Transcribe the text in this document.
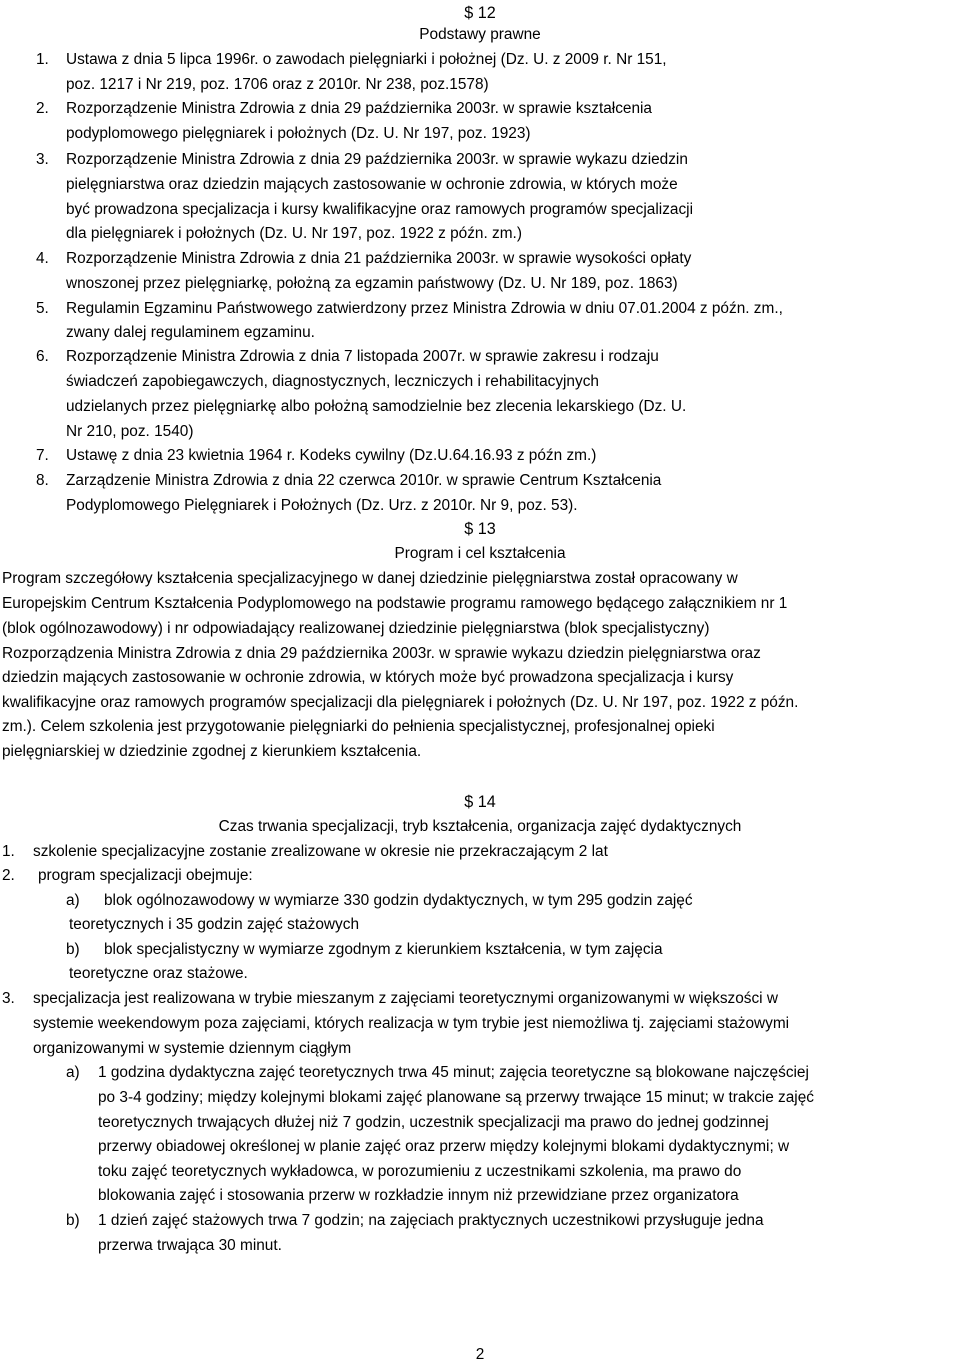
$ 12
Podstawy prawne
1. Ustawa z dnia 5 lipca 1996r. o zawodach pielęgniarki i położnej (Dz. U. z 2009 r. Nr 151,
poz. 1217 i Nr 219, poz. 1706 oraz z 2010r. Nr 238, poz.1578)
2. Rozporządzenie Ministra Zdrowia z dnia 29 października 2003r. w sprawie kształcenia
podyplomowego pielęgniarek i położnych (Dz. U. Nr 197, poz. 1923)
3. Rozporządzenie Ministra Zdrowia z dnia 29 października 2003r. w sprawie wykazu dziedzin
pielęgniarstwa oraz dziedzin mających zastosowanie w ochronie zdrowia, w których może
być prowadzona specjalizacja i kursy kwalifikacyjne oraz ramowych programów specjalizacji
dla pielęgniarek i położnych (Dz. U. Nr 197, poz. 1922 z późn. zm.)
4. Rozporządzenie Ministra Zdrowia z dnia 21 października 2003r. w sprawie wysokości opłaty
wnoszonej przez pielęgniarkę, położną za egzamin państwowy (Dz. U. Nr 189, poz. 1863)
5. Regulamin Egzaminu Państwowego zatwierdzony przez Ministra Zdrowia w dniu 07.01.2004 z późn. zm.,
zwany dalej regulaminem egzaminu.
6. Rozporządzenie Ministra Zdrowia z dnia 7 listopada 2007r. w sprawie zakresu i rodzaju
świadczeń zapobiegawczych, diagnostycznych, leczniczych i rehabilitacyjnych
udzielanych przez pielęgniarkę albo położną samodzielnie bez zlecenia lekarskiego (Dz. U.
Nr 210, poz. 1540)
7. Ustawę z dnia 23 kwietnia 1964 r. Kodeks cywilny (Dz.U.64.16.93 z późn zm.)
8. Zarządzenie Ministra Zdrowia z dnia 22 czerwca 2010r. w sprawie Centrum Kształcenia
Podyplomowego Pielęgniarek i Położnych (Dz. Urz. z 2010r. Nr 9, poz. 53).
$ 13
Program i cel kształcenia
Program szczegółowy kształcenia specjalizacyjnego w danej dziedzinie pielęgniarstwa został opracowany w
Europejskim Centrum Kształcenia Podyplomowego na podstawie programu ramowego będącego załącznikiem nr 1
(blok ogólnozawodowy) i nr odpowiadający realizowanej dziedzinie pielęgniarstwa (blok specjalistyczny)
Rozporządzenia Ministra Zdrowia z dnia 29 października 2003r. w sprawie wykazu dziedzin pielęgniarstwa oraz
dziedzin mających zastosowanie w ochronie zdrowia, w których może być prowadzona specjalizacja i kursy
kwalifikacyjne oraz ramowych programów specjalizacji dla pielęgniarek i położnych (Dz. U. Nr 197, poz. 1922 z późn.
zm.). Celem szkolenia jest przygotowanie pielęgniarki do pełnienia specjalistycznej, profesjonalnej opieki
pielęgniarskiej w dziedzinie zgodnej z kierunkiem kształcenia.
$ 14
Czas trwania specjalizacji, tryb kształcenia, organizacja zajęć dydaktycznych
1. szkolenie specjalizacyjne zostanie zrealizowane w okresie nie przekraczającym 2 lat
2. program specjalizacji obejmuje:
a) blok ogólnozawodowy w wymiarze 330 godzin dydaktycznych, w tym 295 godzin zajęć
teoretycznych i 35 godzin zajęć stażowych
b) blok specjalistyczny w wymiarze zgodnym z kierunkiem kształcenia, w tym zajęcia
teoretyczne oraz stażowe.
3. specjalizacja jest realizowana w trybie mieszanym z zajęciami teoretycznymi organizowanymi w większości w
systemie weekendowym poza zajęciami, których realizacja w tym trybie jest niemożliwa tj. zajęciami stażowymi
organizowanymi w systemie dziennym ciągłym
a) 1 godzina dydaktyczna zajęć teoretycznych trwa 45 minut; zajęcia teoretyczne są blokowane najczęściej
po 3-4 godziny; między kolejnymi blokami zajęć planowane są przerwy trwające 15 minut; w trakcie zajęć
teoretycznych trwających dłużej niż 7 godzin, uczestnik specjalizacji ma prawo do jednej godzinnej
przerwy obiadowej określonej w planie zajęć oraz przerw między kolejnymi blokami dydaktycznymi; w
toku zajęć teoretycznych wykładowca, w porozumieniu z uczestnikami szkolenia, ma prawo do
blokowania zajęć i stosowania przerw w rozkładzie innym niż przewidziane przez organizatora
b) 1 dzień zajęć stażowych trwa 7 godzin; na zajęciach praktycznych uczestnikowi przysługuje jedna
przerwa trwająca 30 minut.
2
